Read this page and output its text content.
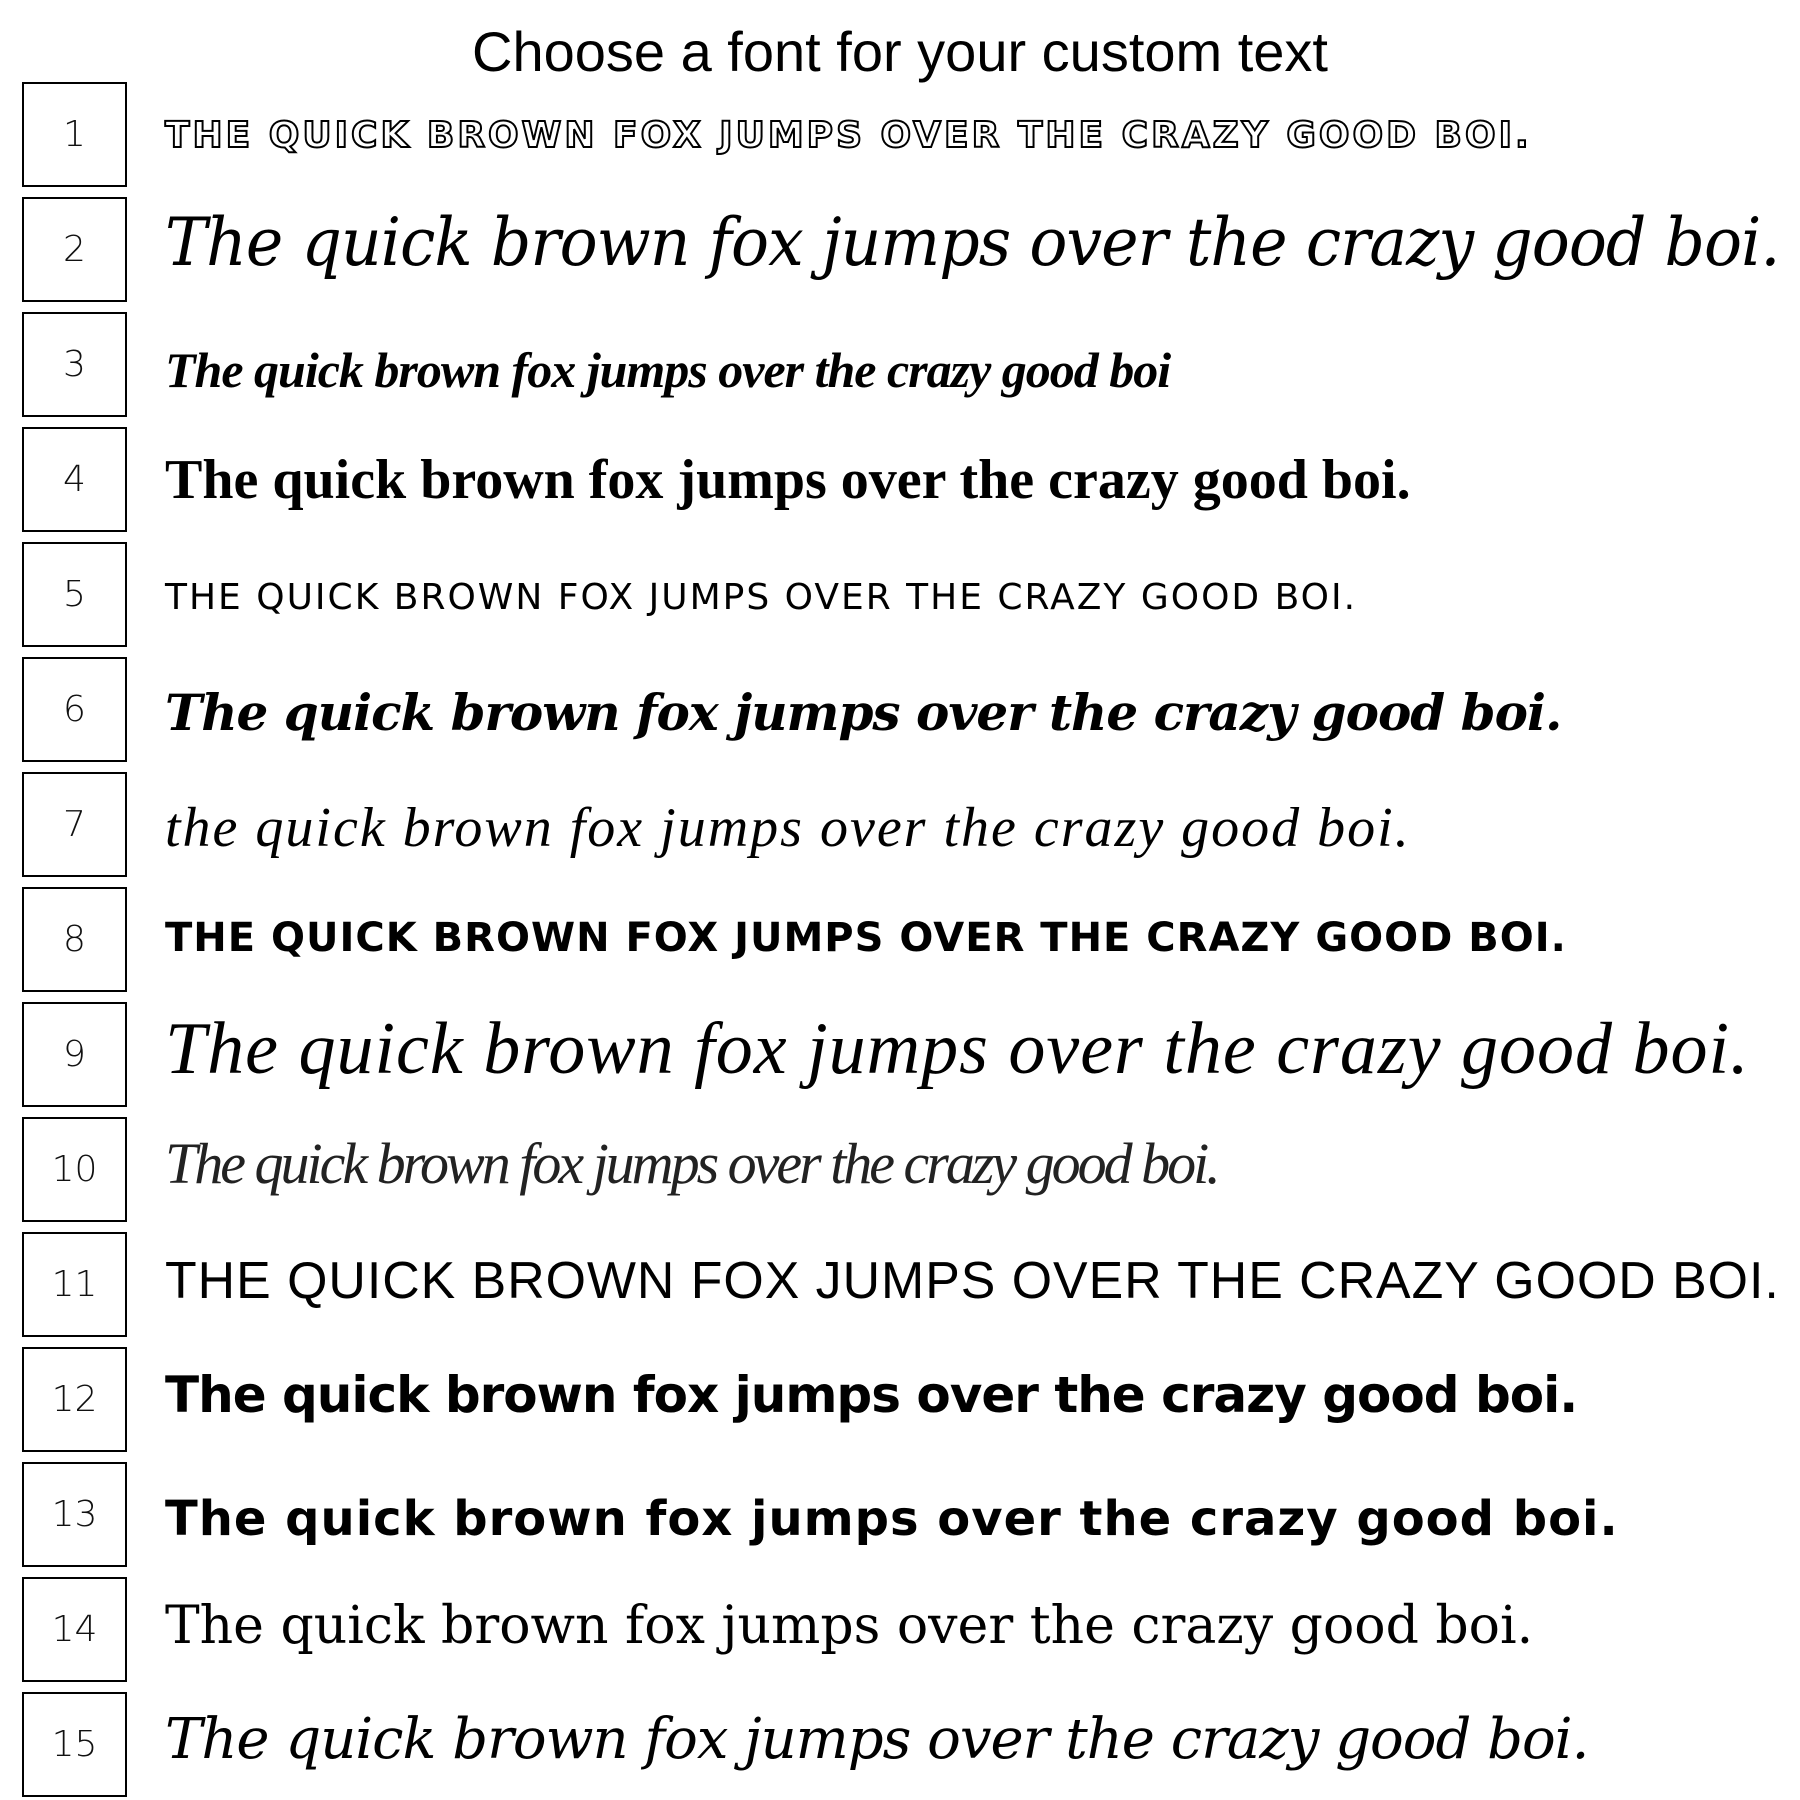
Choose a font for your custom text
1	THE QUICK BROWN FOX JUMPS OVER THE CRAZY GOOD BOI.
2	The quick brown fox jumps over the crazy good boi.
3	The quick brown fox jumps over the crazy good boi
4	The quick brown fox jumps over the crazy good boi.
5	THE QUICK BROWN FOX JUMPS OVER THE CRAZY GOOD BOI.
6	The quick brown fox jumps over the crazy good boi.
7	the quick brown fox jumps over the crazy good boi.
8	THE QUICK BROWN FOX JUMPS OVER THE CRAZY GOOD BOI.
9	The quick brown fox jumps over the crazy good boi.
10	The quick brown fox jumps over the crazy good boi.
11	THE QUICK BROWN FOX JUMPS OVER THE CRAZY GOOD BOI.
12	The quick brown fox jumps over the crazy good boi.
13	The quick brown fox jumps over the crazy good boi.
14	The quick brown fox jumps over the crazy good boi.
15	The quick brown fox jumps over the crazy good boi.
